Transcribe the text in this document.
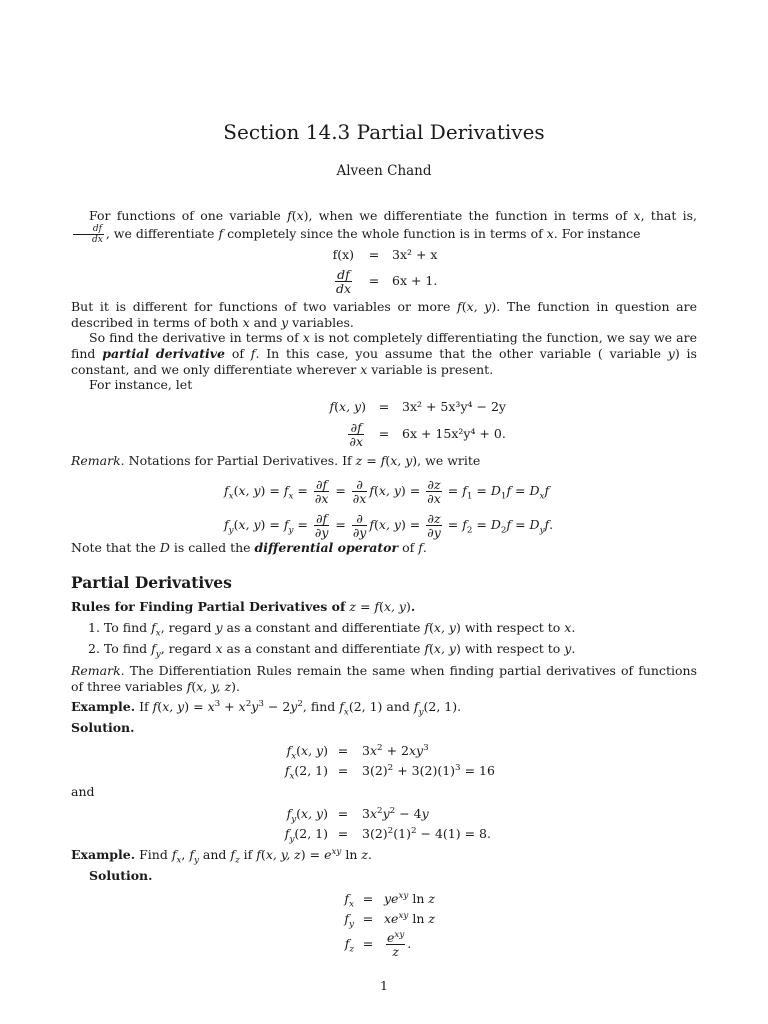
Section 14.3 Partial Derivatives
Alveen Chand
For functions of one variable f(x), when we differentiate the function in terms of x, that is,
$\frac{df}{dx}$ , we differentiate f completely since the whole function is in terms of x. For instance
f(x)	=	3x² + x
$\frac{df}{dx}$	=	6x + 1.
But it is different for functions of two variables or more f(x, y). The function in question are described in terms of both x and y variables.
So find the derivative in terms of x is not completely differentiating the function, we say we are find partial derivative of f. In this case, you assume that the other variable ( variable y) is constant, and we only differentiate wherever x variable is present.
For instance, let
f(x, y)	=	3x² + 5x³y⁴ − 2y
$\frac{\partial f}{\partial x}$	=	6x + 15x²y⁴ + 0.
Remark. Notations for Partial Derivatives. If z = f(x, y), we write
$f_x(x$, $y) = f_x = \frac{\partial f}{\partial x} = \frac{\partial}{\partial x} f(x$, $y) = \frac{\partial z}{\partial x} = f_1 = D_1f = D_xf$
$f_y(x$, $y) = f_y = \frac{\partial f}{\partial y} = \frac{\partial}{\partial y} f(x$, $y) = \frac{\partial z}{\partial y} = f_2 = D_2f = D_yf$.
Note that the D is called the differential operator of f.
Partial Derivatives
Rules for Finding Partial Derivatives of z = f(x, y).
1. To find $f_x$, regard y as a constant and differentiate f(x, y) with respect to x.
2. To find $f_y$, regard x as a constant and differentiate f(x, y) with respect to y.
Remark. The Differentiation Rules remain the same when finding partial derivatives of functions of three variables f(x, y, z).
Example. If f(x, $y) = x^3 + x^2y^3 - 2y^2$, find $f_x(2$, 1) and $f_y(2$, 1).
Solution.
$f_x(x$, y) =	$3x^2 + 2xy^3$
$f_x(2$, 1) =	$3(2)^2 + 3(2)(1)^3 = 16$
and
$f_y(x$, y) =	$3x^2y^2 - 4y$
$f_y(2$, 1) =	$3(2)^2(1)^2 - 4(1) = 8$.
Example. Find $f_x$, $f_y$ and $f_z$ if f(x, y, $z) = e^{xy}$ ln z.
Solution.
$f_x = ye^{xy}$ ln z
$f_y = xe^{xy}$ ln z
$f_z$ =	$\frac{e^{xy}}{z}$ .
1
